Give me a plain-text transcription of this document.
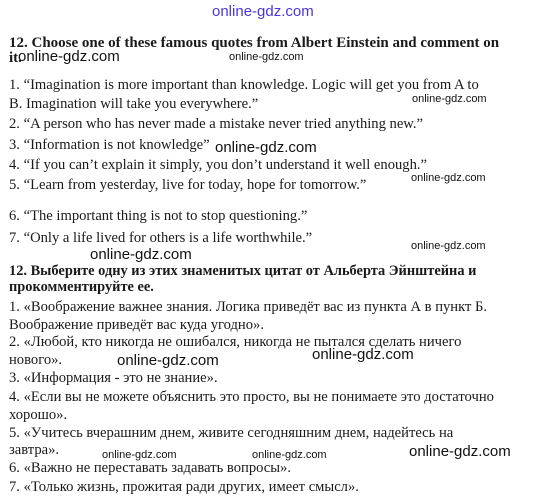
online-gdz.com
12. Choose one of these famous quotes from Albert Einstein and comment on
it.
1. “Imagination is more important than knowledge. Logic will get you from A to
B. Imagination will take you everywhere.”
2. “A person who has never made a mistake never tried anything new.”
3. “Information is not knowledge”
4. “If you can’t explain it simply, you don’t understand it well enough.”
5. “Learn from yesterday, live for today, hope for tomorrow.”
6. “The important thing is not to stop questioning.”
7. “Only a life lived for others is a life worthwhile.”
12. Выберите одну из этих знаменитых цитат от Альберта Эйнштейна и
прокомментируйте ее.
1. «Воображение важнее знания. Логика приведёт вас из пункта А в пункт Б.
Воображение приведёт вас куда угодно».
2. «Любой, кто никогда не ошибался, никогда не пытался сделать ничего
нового».
3. «Информация - это не знание».
4. «Если вы не можете объяснить это просто, вы не понимаете это достаточно
хорошо».
5. «Учитесь вчерашним днем, живите сегодняшним днем, надейтесь на
завтра».
6. «Важно не переставать задавать вопросы».
7. «Только жизнь, прожитая ради других, имеет смысл».
online-gdz.com	online-gdz.com
online-gdz.com
online-gdz.com
online-gdz.com
online-gdz.com	online-gdz.com
online-gdz.com
online-gdz.com
online-gdz.com	online-gdz.com	online-gdz.com
